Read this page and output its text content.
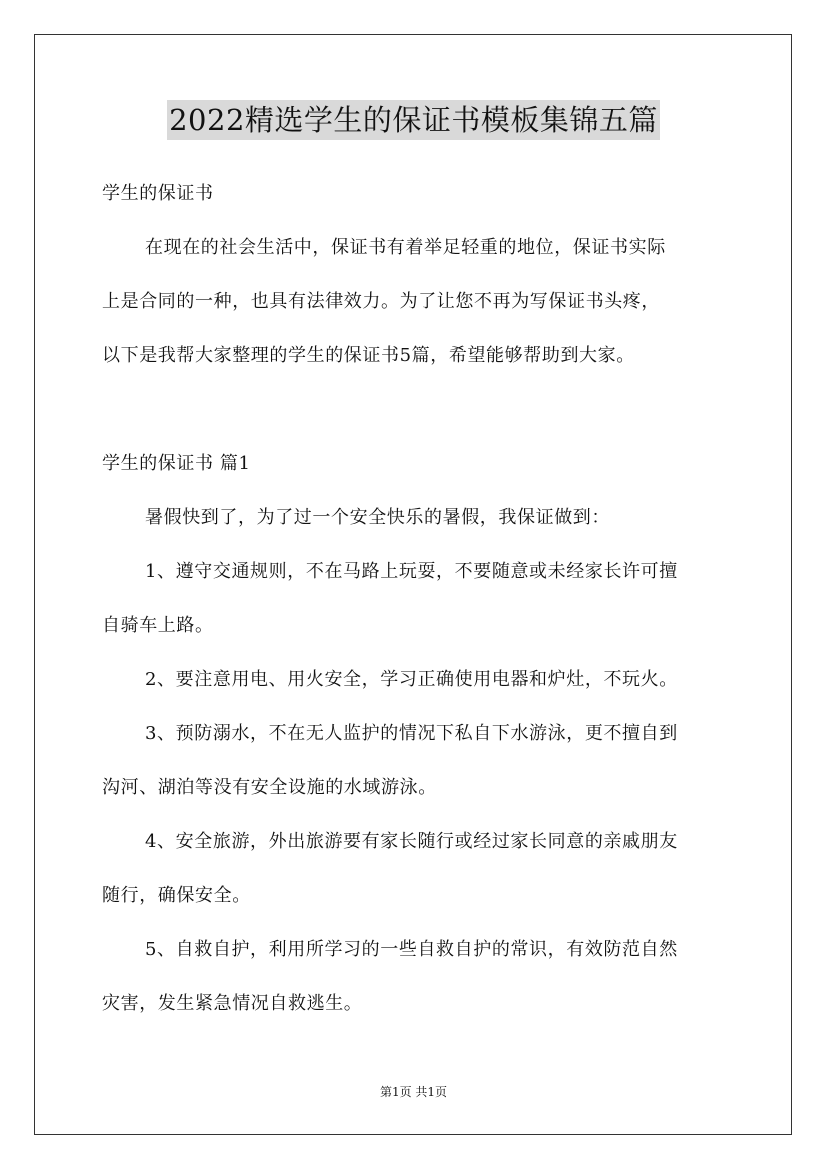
2022精选学生的保证书模板集锦五篇
学生的保证书
在现在的社会生活中，保证书有着举足轻重的地位，保证书实际
上是合同的一种，也具有法律效力。为了让您不再为写保证书头疼，
以下是我帮大家整理的学生的保证书5篇，希望能够帮助到大家。
学生的保证书 篇1
暑假快到了，为了过一个安全快乐的暑假，我保证做到：
1、遵守交通规则，不在马路上玩耍，不要随意或未经家长许可擅
自骑车上路。
2、要注意用电、用火安全，学习正确使用电器和炉灶，不玩火。
3、预防溺水，不在无人监护的情况下私自下水游泳，更不擅自到
沟河、湖泊等没有安全设施的水域游泳。
4、安全旅游，外出旅游要有家长随行或经过家长同意的亲戚朋友
随行，确保安全。
5、自救自护，利用所学习的一些自救自护的常识，有效防范自然
灾害，发生紧急情况自救逃生。
第1页 共1页
